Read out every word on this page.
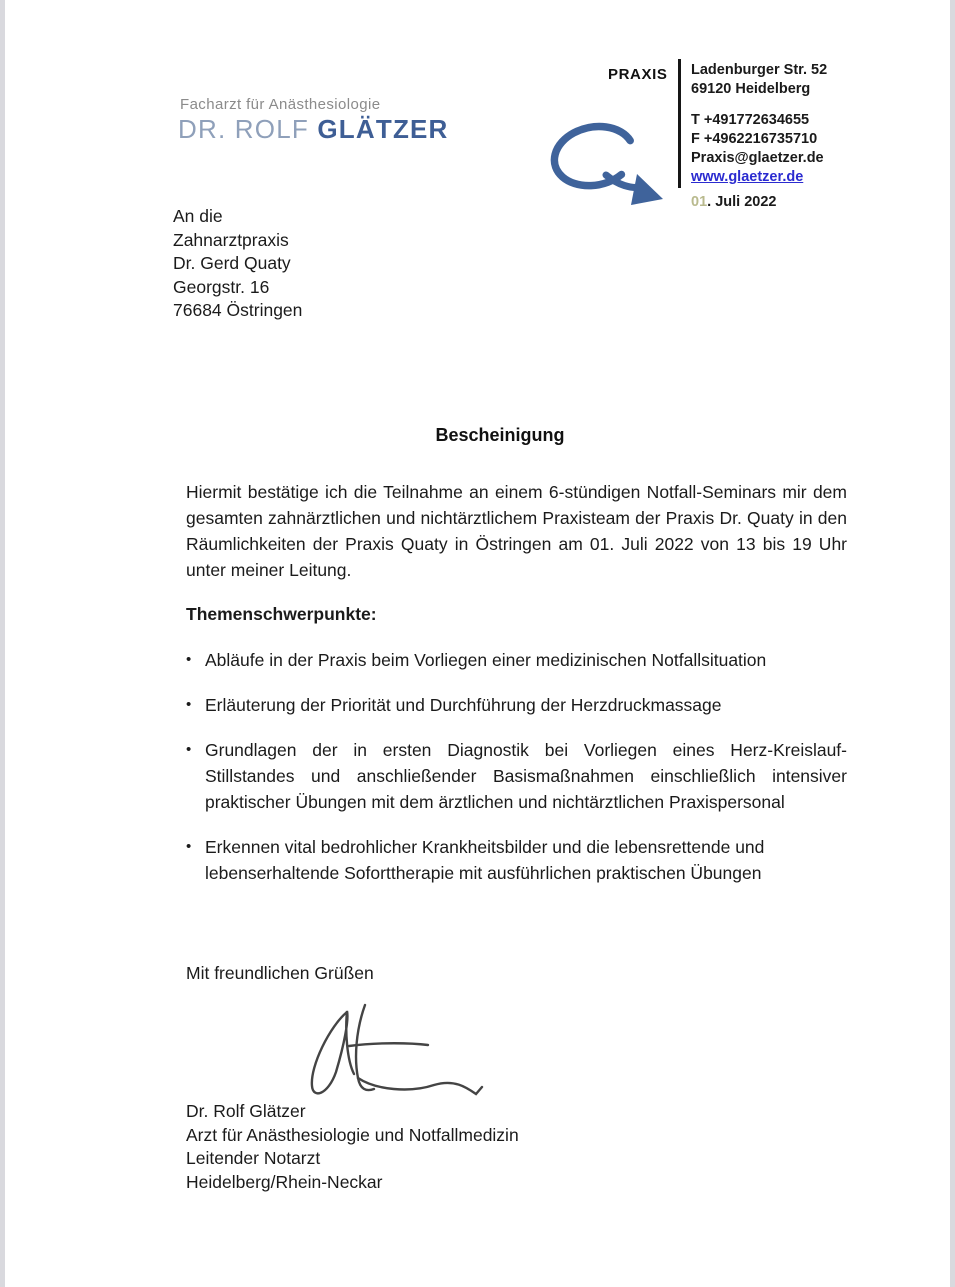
Facharzt für Anästhesiologie
DR. ROLF GLÄTZER
PRAXIS Ladenburger Str. 52
69120 Heidelberg
T +491772634655
F +4962216735710
Praxis@glaetzer.de
www.glaetzer.de
01. Juli 2022
An die
Zahnarztpraxis
Dr. Gerd Quaty
Georgstr. 16
76684 Östringen
Bescheinigung
Hiermit bestätige ich die Teilnahme an einem 6-stündigen Notfall-Seminars mir dem gesamten zahnärztlichen und nichtärztlichem Praxisteam der Praxis Dr. Quaty in den Räumlichkeiten der Praxis Quaty in Östringen am 01. Juli 2022 von 13 bis 19 Uhr unter meiner Leitung.
Themenschwerpunkte:
• Abläufe in der Praxis beim Vorliegen einer medizinischen Notfallsituation
• Erläuterung der Priorität und Durchführung der Herzdruckmassage
• Grundlagen der in ersten Diagnostik bei Vorliegen eines Herz-Kreislauf-Stillstandes und anschließender Basismaßnahmen einschließlich intensiver praktischer Übungen mit dem ärztlichen und nichtärztlichen Praxispersonal
• Erkennen vital bedrohlicher Krankheitsbilder und die lebensrettende und lebenserhaltende Soforttherapie mit ausführlichen praktischen Übungen
Mit freundlichen Grüßen
Dr. Rolf Glätzer
Arzt für Anästhesiologie und Notfallmedizin
Leitender Notarzt
Heidelberg/Rhein-Neckar
